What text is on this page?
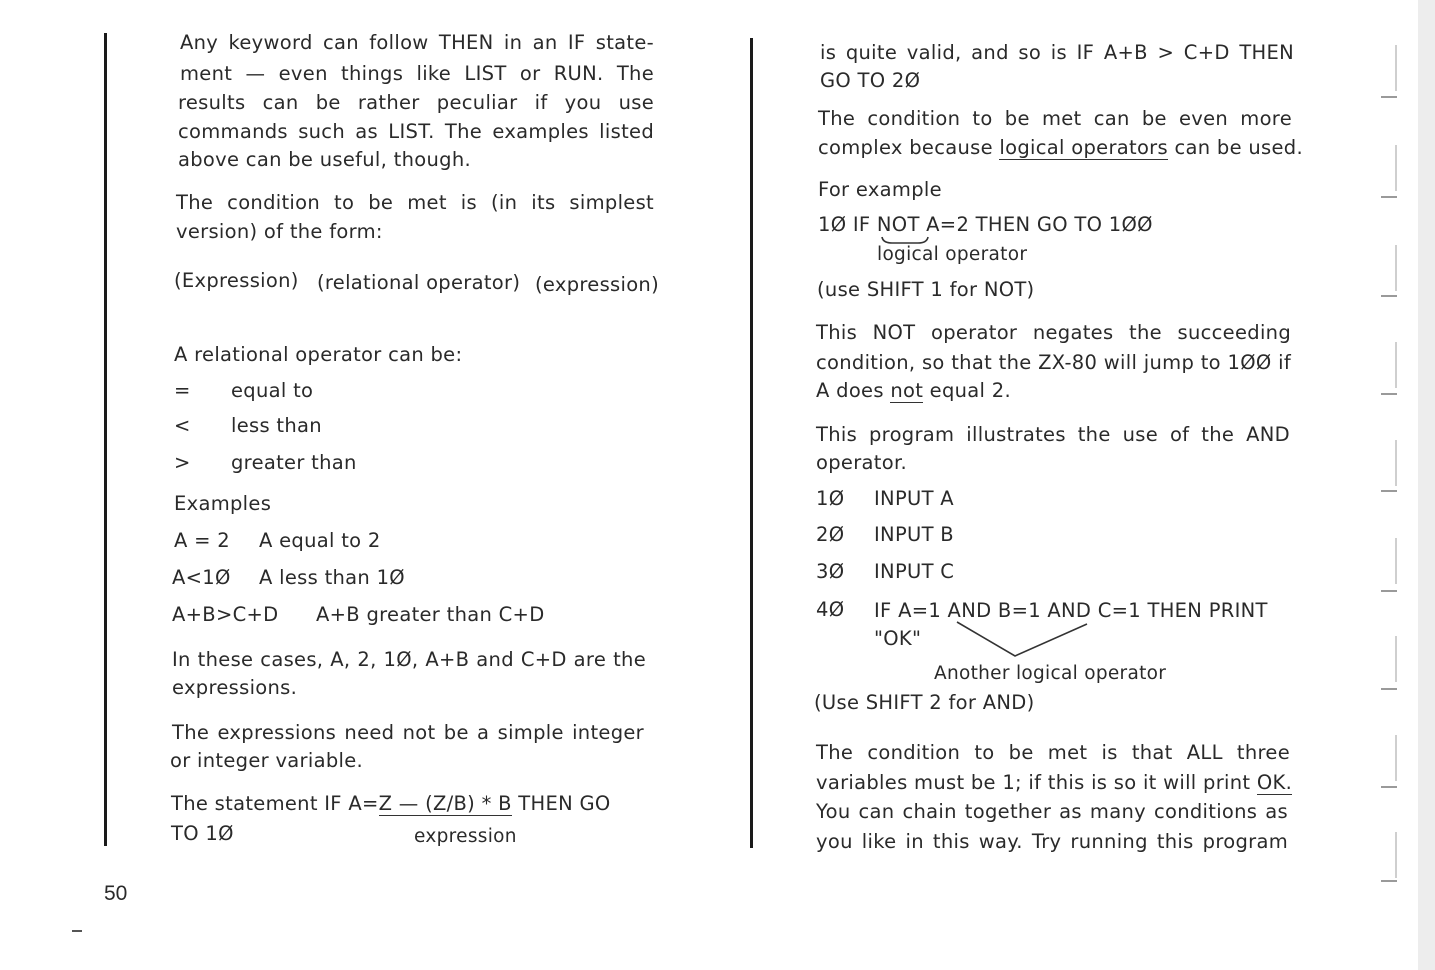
Any keyword can follow THEN in an IF state-
ment — even things like LIST or RUN. The
results can be rather peculiar if you use
commands such as LIST. The examples listed
above can be useful, though.
The condition to be met is (in its simplest
version) of the form:
(Expression) (relational operator) (expression)
A relational operator can be:
= equal to
< less than
> greater than
Examples
A = 2 A equal to 2
A<1Ø A less than 1Ø
A+B>C+D A+B greater than C+D
In these cases, A, 2, 1Ø, A+B and C+D are the
expressions.
The expressions need not be a simple integer
or integer variable.
The statement IF A=Z — (Z/B) * B THEN GO
TO 1Ø	expression
50
is quite valid, and so is IF A+B > C+D THEN
GO TO 2Ø
The condition to be met can be even more
complex because logical operators can be used.
For example
1Ø IF NOT A=2 THEN GO TO 1ØØ
logical operator
(use SHIFT 1 for NOT)
This NOT operator negates the succeeding
condition, so that the ZX-80 will jump to 1ØØ if
A does not equal 2.
This program illustrates the use of the AND
operator.
1Ø INPUT A
2Ø INPUT B
3Ø INPUT C
4Ø IF A=1 AND B=1 AND C=1 THEN PRINT
"OK"
Another logical operator
(Use SHIFT 2 for AND)
The condition to be met is that ALL three
variables must be 1; if this is so it will print OK.
You can chain together as many conditions as
you like in this way. Try running this program
